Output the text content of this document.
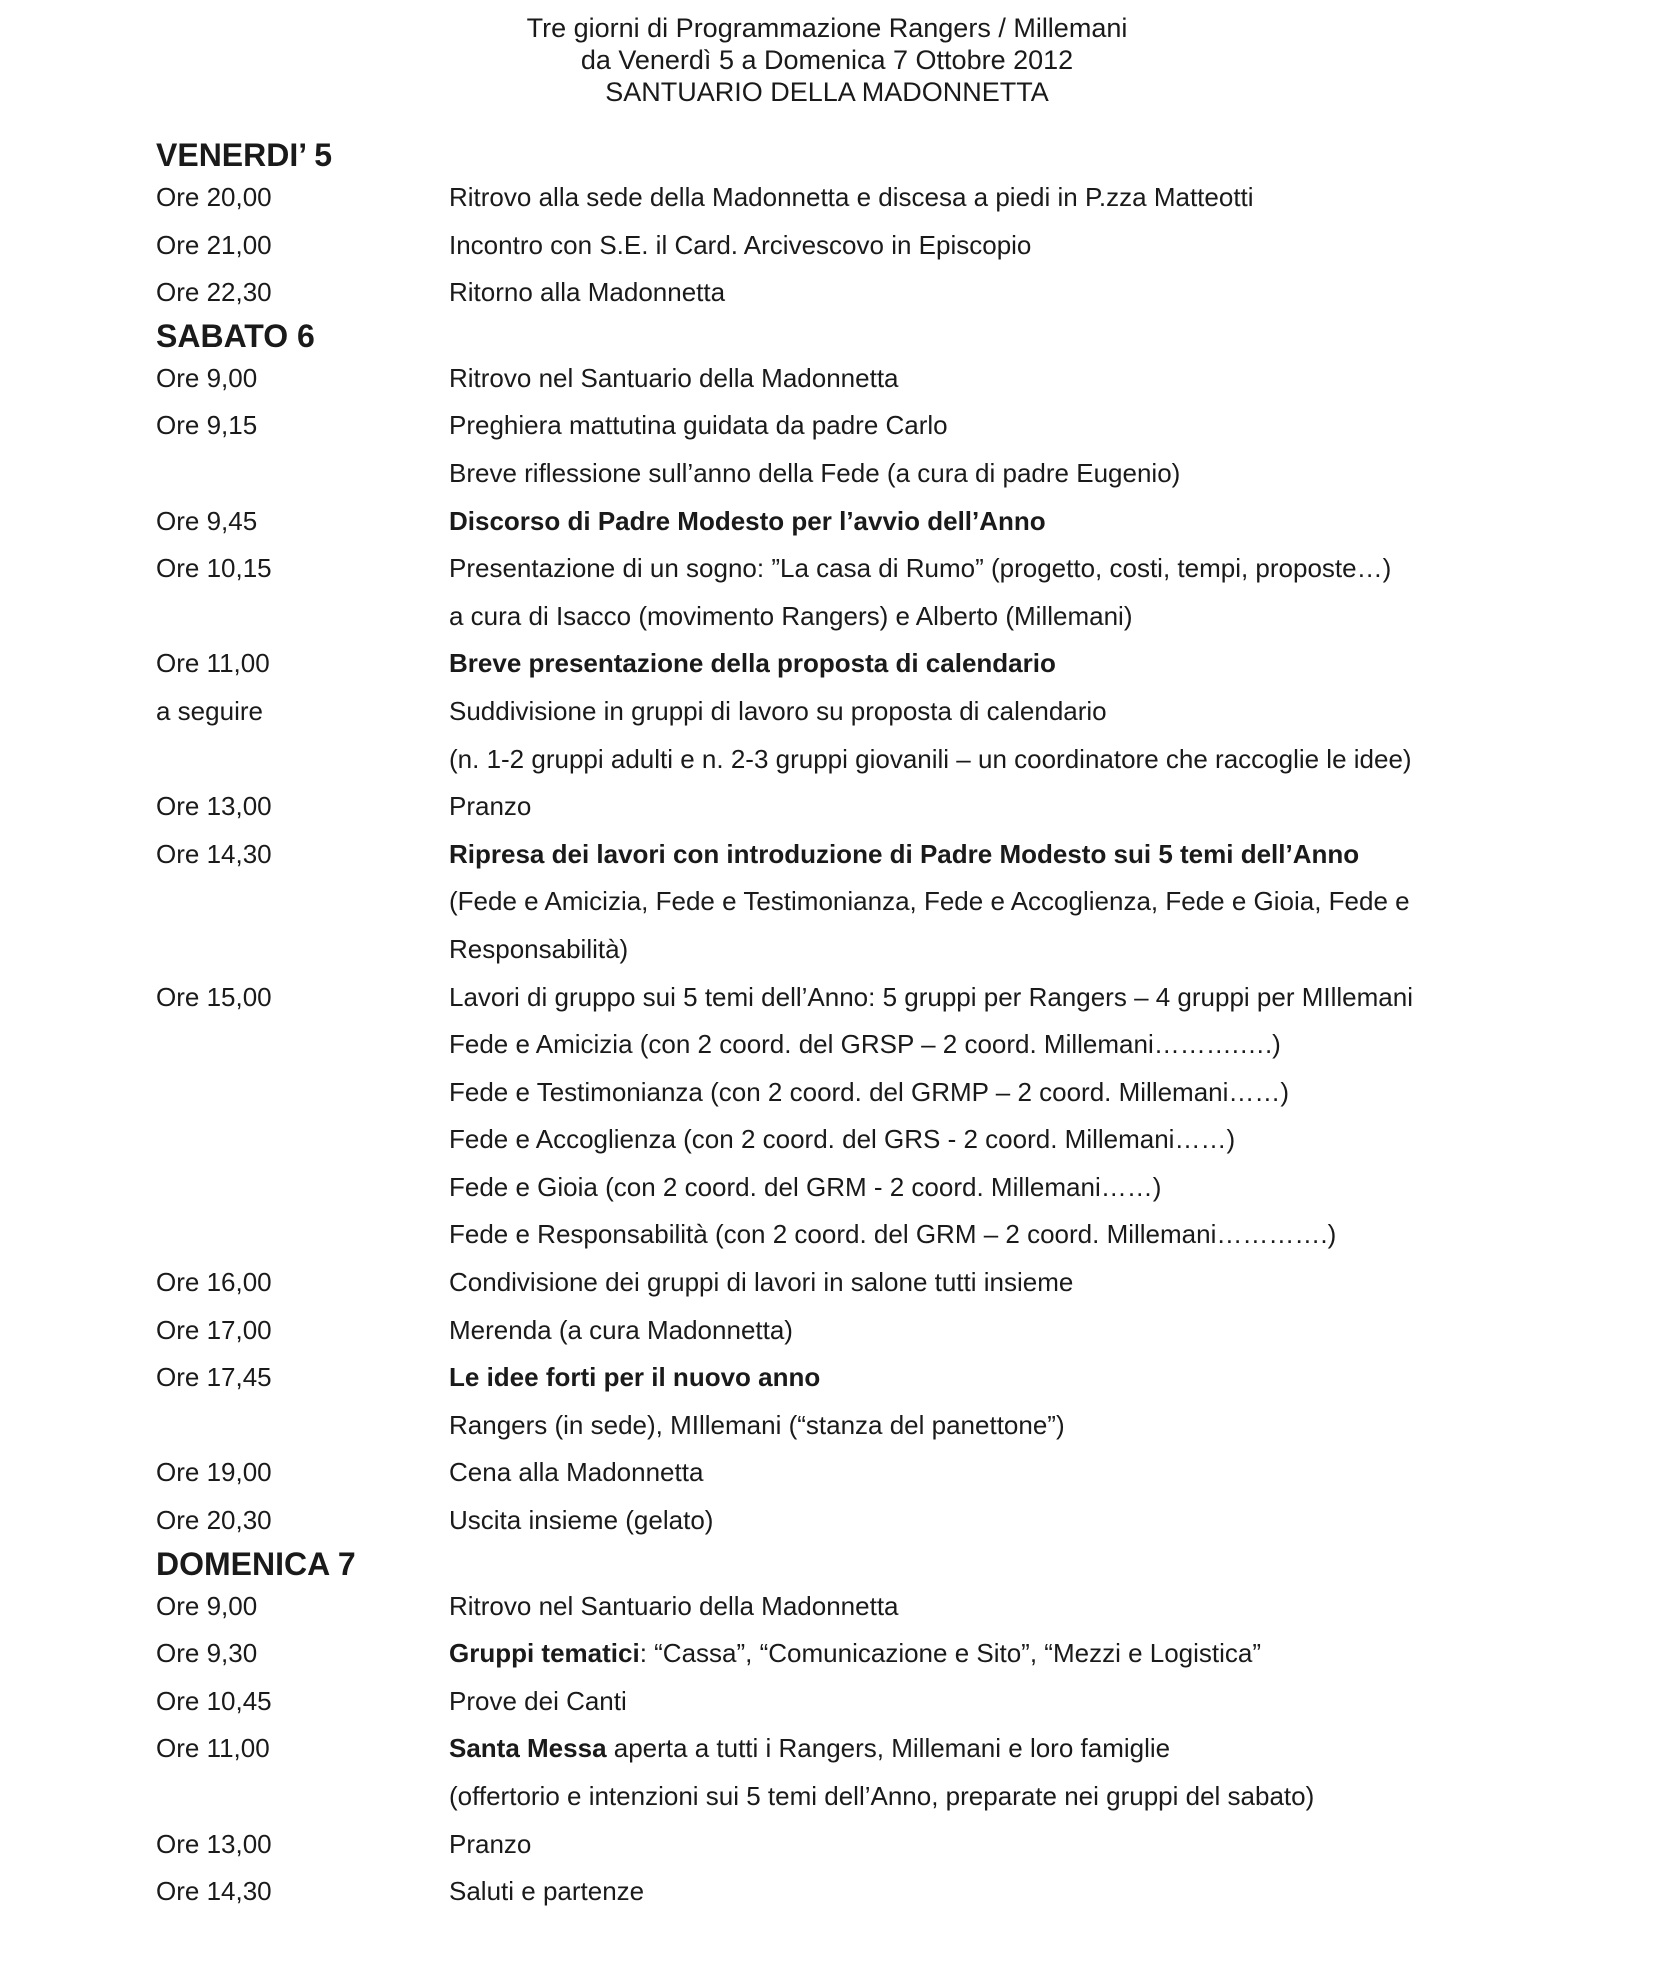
Tre giorni di Programmazione Rangers / Millemani
da Venerdì 5 a Domenica 7 Ottobre 2012
SANTUARIO DELLA MADONNETTA
VENERDI’ 5
Ore 20,00	Ritrovo alla sede della Madonnetta e discesa a piedi in P.zza Matteotti
Ore 21,00	Incontro con S.E. il Card. Arcivescovo in Episcopio
Ore 22,30	Ritorno alla Madonnetta
SABATO 6
Ore 9,00	Ritrovo nel Santuario della Madonnetta
Ore 9,15	Preghiera mattutina guidata da padre Carlo
Breve riflessione sull’anno della Fede (a cura di padre Eugenio)
Ore 9,45	Discorso di Padre Modesto per l’avvio dell’Anno
Ore 10,15	Presentazione di un sogno: ”La casa di Rumo” (progetto, costi, tempi, proposte…)
a cura di Isacco (movimento Rangers) e Alberto (Millemani)
Ore 11,00	Breve presentazione della proposta di calendario
a seguire	Suddivisione in gruppi di lavoro su proposta di calendario
(n. 1-2 gruppi adulti e n. 2-3 gruppi giovanili – un coordinatore che raccoglie le idee)
Ore 13,00	Pranzo
Ore 14,30	Ripresa dei lavori con introduzione di Padre Modesto sui 5 temi dell’Anno
(Fede e Amicizia, Fede e Testimonianza, Fede e Accoglienza, Fede e Gioia, Fede e
Responsabilità)
Ore 15,00	Lavori di gruppo sui 5 temi dell’Anno: 5 gruppi per Rangers – 4 gruppi per MIllemani
Fede e Amicizia (con 2 coord. del GRSP – 2 coord. Millemani……….….)
Fede e Testimonianza (con 2 coord. del GRMP – 2 coord. Millemani……)
Fede e Accoglienza (con 2 coord. del GRS - 2 coord. Millemani……)
Fede e Gioia (con 2 coord. del GRM - 2 coord. Millemani……)
Fede e Responsabilità (con 2 coord. del GRM – 2 coord. Millemani………….)
Ore 16,00	Condivisione dei gruppi di lavori in salone tutti insieme
Ore 17,00	Merenda (a cura Madonnetta)
Ore 17,45	Le idee forti per il nuovo anno
Rangers (in sede), MIllemani (“stanza del panettone”)
Ore 19,00	Cena alla Madonnetta
Ore 20,30	Uscita insieme (gelato)
DOMENICA 7
Ore 9,00	Ritrovo nel Santuario della Madonnetta
Ore 9,30	Gruppi tematici: “Cassa”, “Comunicazione e Sito”, “Mezzi e Logistica”
Ore 10,45	Prove dei Canti
Ore 11,00	Santa Messa aperta a tutti i Rangers, Millemani e loro famiglie
(offertorio e intenzioni sui 5 temi dell’Anno, preparate nei gruppi del sabato)
Ore 13,00	Pranzo
Ore 14,30	Saluti e partenze
